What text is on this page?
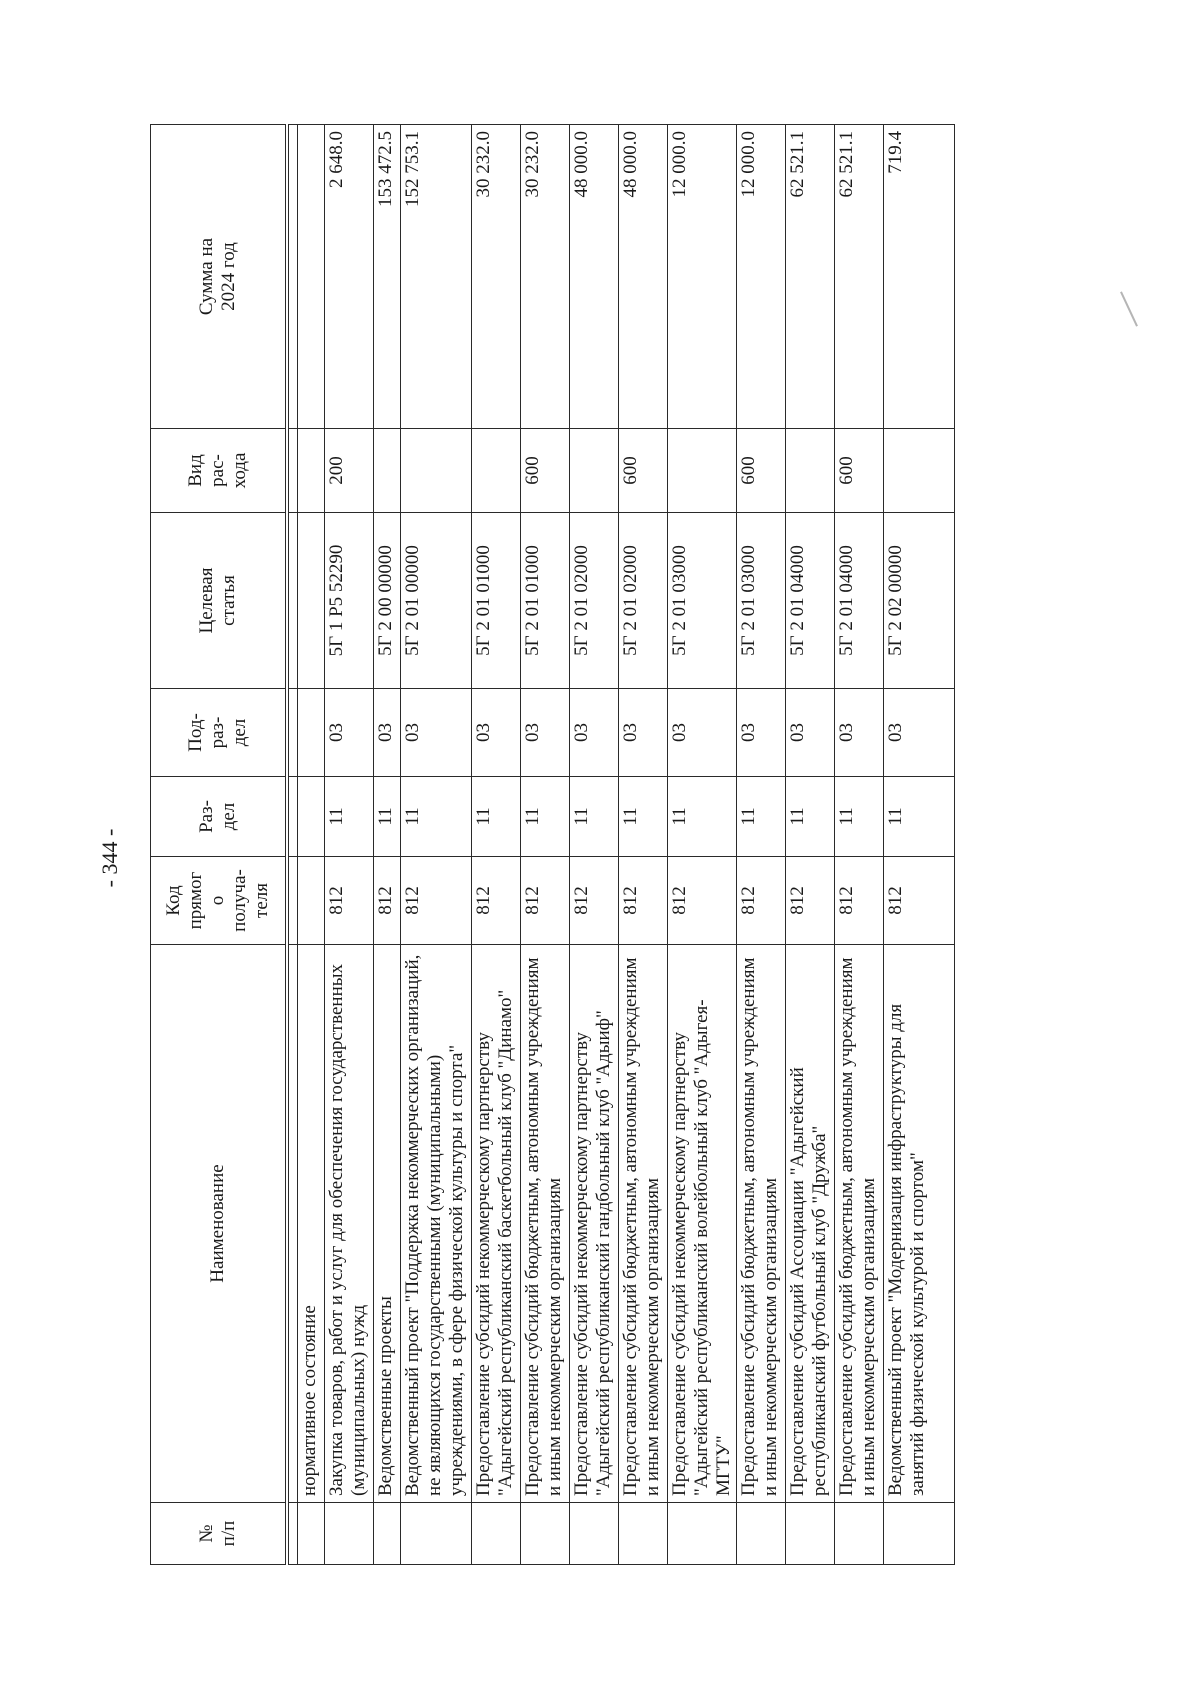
- 344 -
№
п/п	Наименование	Код
прямог
о
получа-
теля	Раз-
дел	Под-
раз-
дел	Целевая
статья	Вид
рас-
хода	Сумма на
2024 год

	нормативное состояние						
	Закупка товаров, работ и услуг для обеспечения государственных (муниципальных) нужд	812	11	03	5Г 1 Р5 52290	200	2 648.0
	Ведомственные проекты	812	11	03	5Г 2 00 00000		153 472.5
	Ведомственный проект "Поддержка некоммерческих организаций, не являющихся государственными (муниципальными) учреждениями, в сфере физической культуры и спорта"	812	11	03	5Г 2 01 00000		152 753.1
	Предоставление субсидий некоммерческому партнерству "Адыгейский республиканский баскетбольный клуб "Динамо"	812	11	03	5Г 2 01 01000		30 232.0
	Предоставление субсидий бюджетным, автономным учреждениям и иным некоммерческим организациям	812	11	03	5Г 2 01 01000	600	30 232.0
	Предоставление субсидий некоммерческому партнерству "Адыгейский республиканский гандбольный клуб "Адыиф"	812	11	03	5Г 2 01 02000		48 000.0
	Предоставление субсидий бюджетным, автономным учреждениям и иным некоммерческим организациям	812	11	03	5Г 2 01 02000	600	48 000.0
	Предоставление субсидий некоммерческому партнерству "Адыгейский республиканский волейбольный клуб "Адыгея-МГТУ"	812	11	03	5Г 2 01 03000		12 000.0
	Предоставление субсидий бюджетным, автономным учреждениям и иным некоммерческим организациям	812	11	03	5Г 2 01 03000	600	12 000.0
	Предоставление субсидий Ассоциации "Адыгейский республиканский футбольный клуб "Дружба"	812	11	03	5Г 2 01 04000		62 521.1
	Предоставление субсидий бюджетным, автономным учреждениям и иным некоммерческим организациям	812	11	03	5Г 2 01 04000	600	62 521.1
	Ведомственный проект "Модернизация инфраструктуры для занятий физической культурой и спортом"	812	11	03	5Г 2 02 00000		719.4
